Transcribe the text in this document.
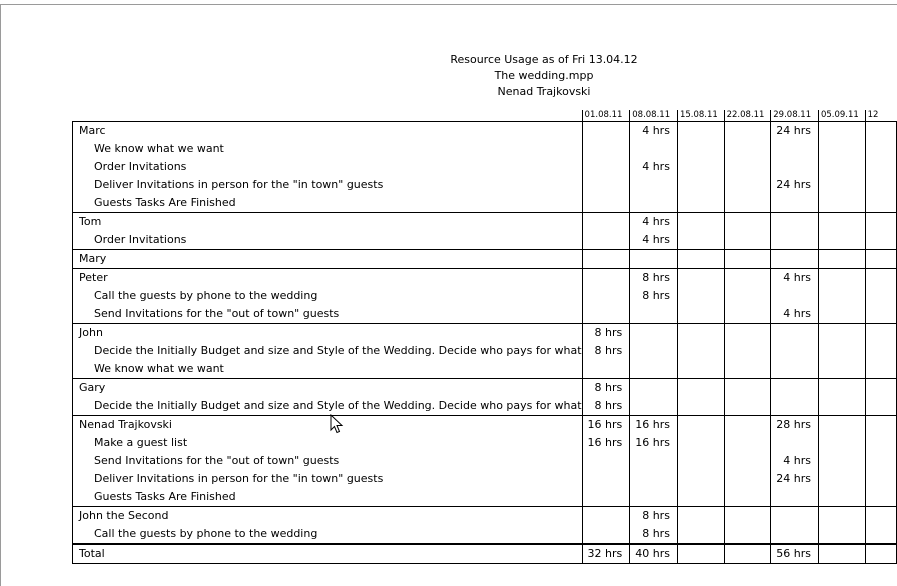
Resource Usage as of Fri 13.04.12
The wedding.mpp
Nenad Trajkovski
	01.08.11	08.08.11	15.08.11	22.08.11	29.08.11	05.09.11	12
Marc		4 hrs			24 hrs		
We know what we want							
Order Invitations		4 hrs					
Deliver Invitations in person for the "in town" guests					24 hrs		
Guests Tasks Are Finished							
Tom		4 hrs					
Order Invitations		4 hrs					
Mary							
Peter		8 hrs			4 hrs		
Call the guests by phone to the wedding		8 hrs					
Send Invitations for the "out of town" guests					4 hrs		
John	8 hrs						
Decide the Initially Budget and size and Style of the Wedding. Decide who pays for what	8 hrs						
We know what we want							
Gary	8 hrs						
Decide the Initially Budget and size and Style of the Wedding. Decide who pays for what	8 hrs						
Nenad Trajkovski	16 hrs	16 hrs			28 hrs		
Make a guest list	16 hrs	16 hrs					
Send Invitations for the "out of town" guests					4 hrs		
Deliver Invitations in person for the "in town" guests					24 hrs		
Guests Tasks Are Finished							
John the Second		8 hrs					
Call the guests by phone to the wedding		8 hrs					
Total	32 hrs	40 hrs			56 hrs		
